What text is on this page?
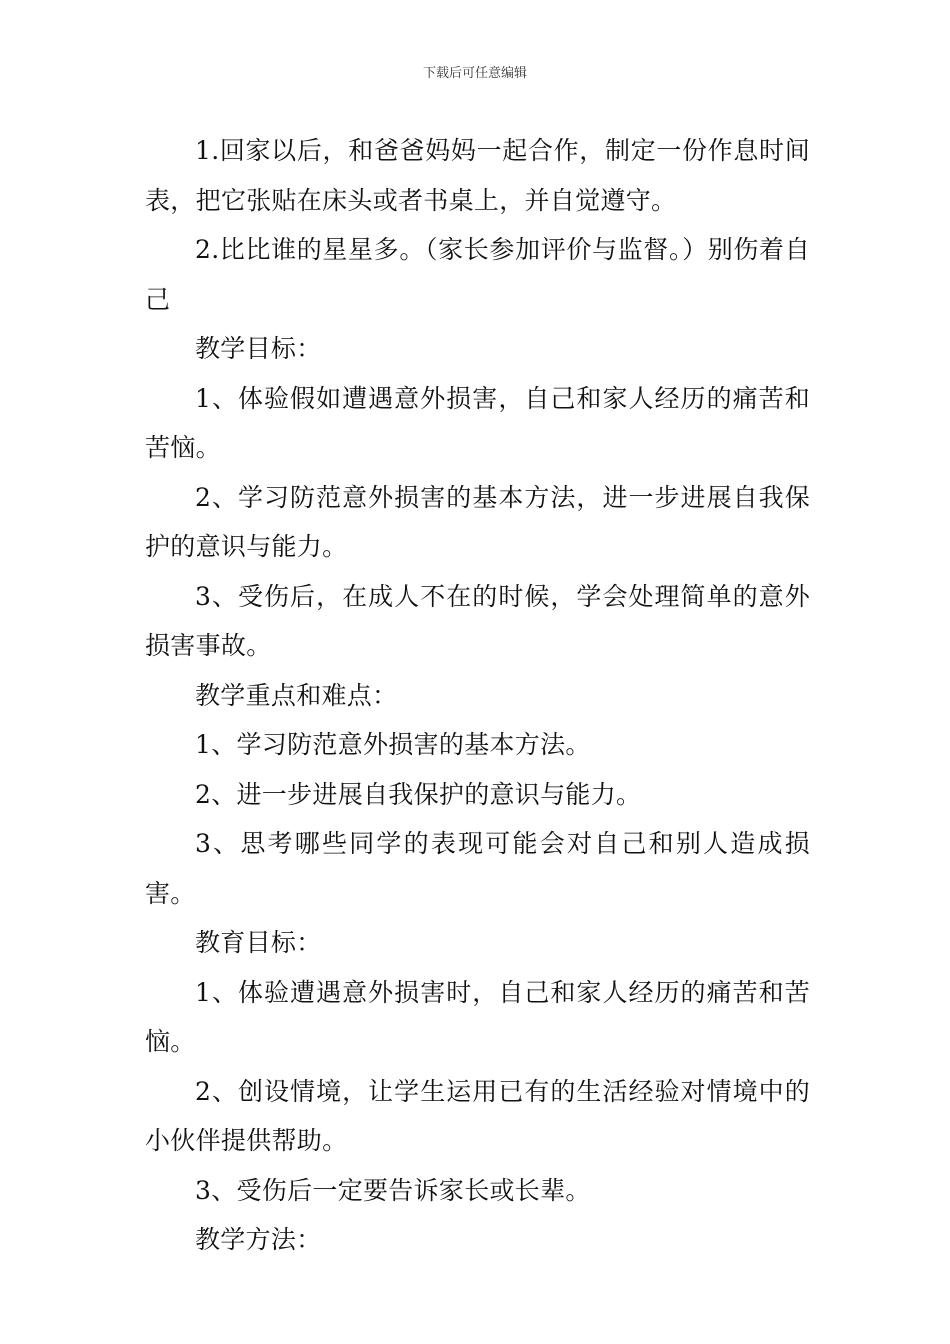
下载后可任意编辑

1.回家以后，和爸爸妈妈一起合作，制定一份作息时间表，把它张贴在床头或者书桌上，并自觉遵守。

2.比比谁的星星多。（家长参加评价与监督。）别伤着自己

教学目标：

1、体验假如遭遇意外损害，自己和家人经历的痛苦和苦恼。

2、学习防范意外损害的基本方法，进一步进展自我保护的意识与能力。

3、受伤后，在成人不在的时候，学会处理简单的意外损害事故。

教学重点和难点：

1、学习防范意外损害的基本方法。

2、进一步进展自我保护的意识与能力。

3、思考哪些同学的表现可能会对自己和别人造成损害。

教育目标：

1、体验遭遇意外损害时，自己和家人经历的痛苦和苦恼。

2、创设情境，让学生运用已有的生活经验对情境中的小伙伴提供帮助。

3、受伤后一定要告诉家长或长辈。

教学方法：
